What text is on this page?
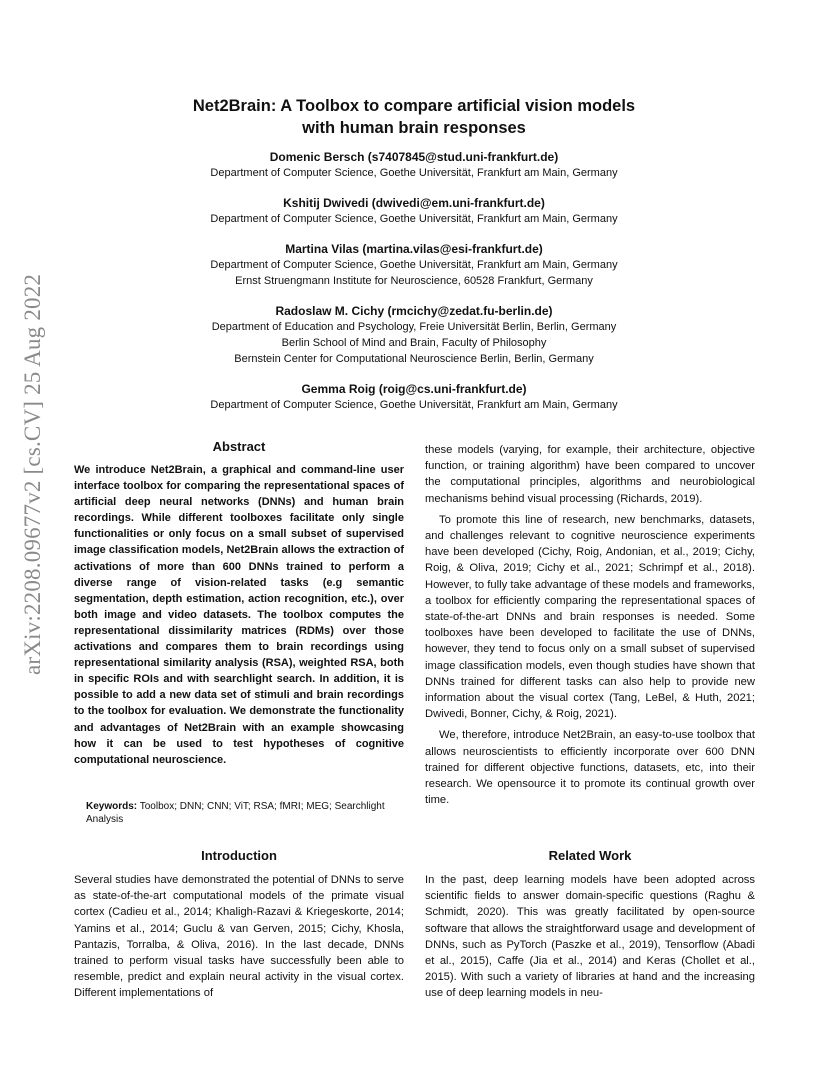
arXiv:2208.09677v2 [cs.CV] 25 Aug 2022
Net2Brain: A Toolbox to compare artificial vision models
with human brain responses
Domenic Bersch (s7407845@stud.uni-frankfurt.de)
Department of Computer Science, Goethe Universität, Frankfurt am Main, Germany
Kshitij Dwivedi (dwivedi@em.uni-frankfurt.de)
Department of Computer Science, Goethe Universität, Frankfurt am Main, Germany
Martina Vilas (martina.vilas@esi-frankfurt.de)
Department of Computer Science, Goethe Universität, Frankfurt am Main, Germany
Ernst Struengmann Institute for Neuroscience, 60528 Frankfurt, Germany
Radoslaw M. Cichy (rmcichy@zedat.fu-berlin.de)
Department of Education and Psychology, Freie Universität Berlin, Berlin, Germany
Berlin School of Mind and Brain, Faculty of Philosophy
Bernstein Center for Computational Neuroscience Berlin, Berlin, Germany
Gemma Roig (roig@cs.uni-frankfurt.de)
Department of Computer Science, Goethe Universität, Frankfurt am Main, Germany
Abstract
We introduce Net2Brain, a graphical and command-line user interface toolbox for comparing the representational spaces of artificial deep neural networks (DNNs) and human brain recordings. While different toolboxes facilitate only single functionalities or only focus on a small subset of supervised image classification models, Net2Brain allows the extraction of activations of more than 600 DNNs trained to perform a diverse range of vision-related tasks (e.g semantic segmentation, depth estimation, action recognition, etc.), over both image and video datasets. The toolbox computes the representational dissimilarity matrices (RDMs) over those activations and compares them to brain recordings using representational similarity analysis (RSA), weighted RSA, both in specific ROIs and with searchlight search. In addition, it is possible to add a new data set of stimuli and brain recordings to the toolbox for evaluation. We demonstrate the functionality and advantages of Net2Brain with an example showcasing how it can be used to test hypotheses of cognitive computational neuroscience.
Keywords: Toolbox; DNN; CNN; ViT; RSA; fMRI; MEG; Searchlight Analysis
Introduction

Several studies have demonstrated the potential of DNNs to serve as state-of-the-art computational models of the primate visual cortex (Cadieu et al., 2014; Khaligh-Razavi & Kriegeskorte, 2014; Yamins et al., 2014; Guclu & van Gerven, 2015; Cichy, Khosla, Pantazis, Torralba, & Oliva, 2016). In the last decade, DNNs trained to perform visual tasks have successfully been able to resemble, predict and explain neural activity in the visual cortex. Different implementations of

these models (varying, for example, their architecture, objective function, or training algorithm) have been compared to uncover the computational principles, algorithms and neurobiological mechanisms behind visual processing (Richards, 2019).

To promote this line of research, new benchmarks, datasets, and challenges relevant to cognitive neuroscience experiments have been developed (Cichy, Roig, Andonian, et al., 2019; Cichy, Roig, & Oliva, 2019; Cichy et al., 2021; Schrimpf et al., 2018). However, to fully take advantage of these models and frameworks, a toolbox for efficiently comparing the representational spaces of state-of-the-art DNNs and brain responses is needed. Some toolboxes have been developed to facilitate the use of DNNs, however, they tend to focus only on a small subset of supervised image classification models, even though studies have shown that DNNs trained for different tasks can also help to provide new information about the visual cortex (Tang, LeBel, & Huth, 2021; Dwivedi, Bonner, Cichy, & Roig, 2021).

We, therefore, introduce Net2Brain, an easy-to-use toolbox that allows neuroscientists to efficiently incorporate over 600 DNN trained for different objective functions, datasets, etc, into their research. We opensource it to promote its continual growth over time.

Related Work

In the past, deep learning models have been adopted across scientific fields to answer domain-specific questions (Raghu & Schmidt, 2020). This was greatly facilitated by open-source software that allows the straightforward usage and development of DNNs, such as PyTorch (Paszke et al., 2019), Tensorflow (Abadi et al., 2015), Caffe (Jia et al., 2014) and Keras (Chollet et al., 2015). With such a variety of libraries at hand and the increasing use of deep learning models in neu-
